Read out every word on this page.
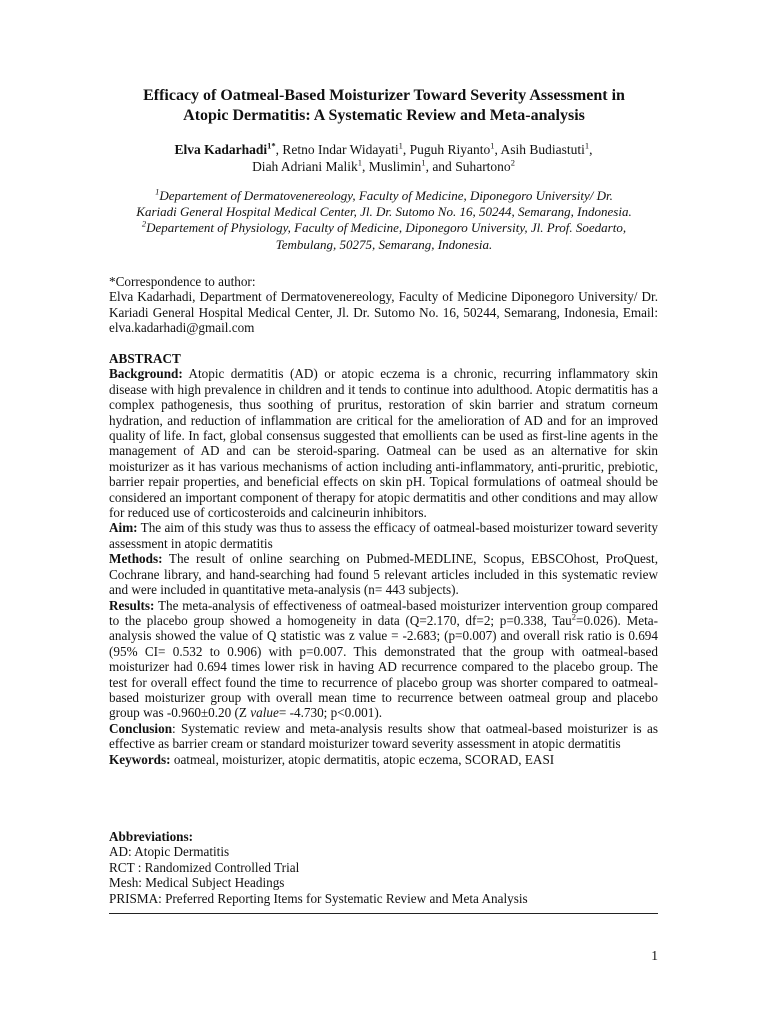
Efficacy of Oatmeal-Based Moisturizer Toward Severity Assessment in
Atopic Dermatitis: A Systematic Review and Meta-analysis
Elva Kadarhadi$^{1*}$, Retno Indar Widayati$^1$, Puguh Riyanto$^1$, Asih Budiastuti$^1$,
Diah Adriani Malik$^1$, Muslimin$^1$, and Suhartono$^2$
$^1$Departement of Dermatovenereology, Faculty of Medicine, Diponegoro University/ Dr.
Kariadi General Hospital Medical Center, Jl. Dr. Sutomo No. 16, 50244, Semarang, Indonesia.
$^2$Departement of Physiology, Faculty of Medicine, Diponegoro University, Jl. Prof. Soedarto,
Tembulang, 50275, Semarang, Indonesia.

*Correspondence to author:

Elva Kadarhadi, Department of Dermatovenereology, Faculty of Medicine Diponegoro University/ Dr. Kariadi General Hospital Medical Center, Jl. Dr. Sutomo No. 16, 50244, Semarang, Indonesia, Email: elva.kadarhadi@gmail.com

ABSTRACT

Background: Atopic dermatitis (AD) or atopic eczema is a chronic, recurring inflammatory skin disease with high prevalence in children and it tends to continue into adulthood. Atopic dermatitis has a complex pathogenesis, thus soothing of pruritus, restoration of skin barrier and stratum corneum hydration, and reduction of inflammation are critical for the amelioration of AD and for an improved quality of life. In fact, global consensus suggested that emollients can be used as first-line agents in the management of AD and can be steroid-sparing. Oatmeal can be used as an alternative for skin moisturizer as it has various mechanisms of action including anti-inflammatory, anti-pruritic, prebiotic, barrier repair properties, and beneficial effects on skin pH. Topical formulations of oatmeal should be considered an important component of therapy for atopic dermatitis and other conditions and may allow for reduced use of corticosteroids and calcineurin inhibitors.

Aim: The aim of this study was thus to assess the efficacy of oatmeal-based moisturizer toward severity assessment in atopic dermatitis

Methods: The result of online searching on Pubmed-MEDLINE, Scopus, EBSCOhost, ProQuest, Cochrane library, and hand-searching had found 5 relevant articles included in this systematic review and were included in quantitative meta-analysis (n= 443 subjects).

Results: The meta-analysis of effectiveness of oatmeal-based moisturizer intervention group compared to the placebo group showed a homogeneity in data (Q=2.170, df=2; p=0.338, Tau$^2$=0.026). Meta-analysis showed the value of Q statistic was z value = -2.683; (p=0.007) and overall risk ratio is 0.694 (95% CI= 0.532 to 0.906) with p=0.007. This demonstrated that the group with oatmeal-based moisturizer had 0.694 times lower risk in having AD recurrence compared to the placebo group. The test for overall effect found the time to recurrence of placebo group was shorter compared to oatmeal-based moisturizer group with overall mean time to recurrence between oatmeal group and placebo group was -0.960±0.20 (Z value= -4.730; p<0.001).

Conclusion: Systematic review and meta-analysis results show that oatmeal-based moisturizer is as effective as barrier cream or standard moisturizer toward severity assessment in atopic dermatitis

Keywords: oatmeal, moisturizer, atopic dermatitis, atopic eczema, SCORAD, EASI

Abbreviations:

AD: Atopic Dermatitis

RCT : Randomized Controlled Trial

Mesh: Medical Subject Headings

PRISMA: Preferred Reporting Items for Systematic Review and Meta Analysis

1
